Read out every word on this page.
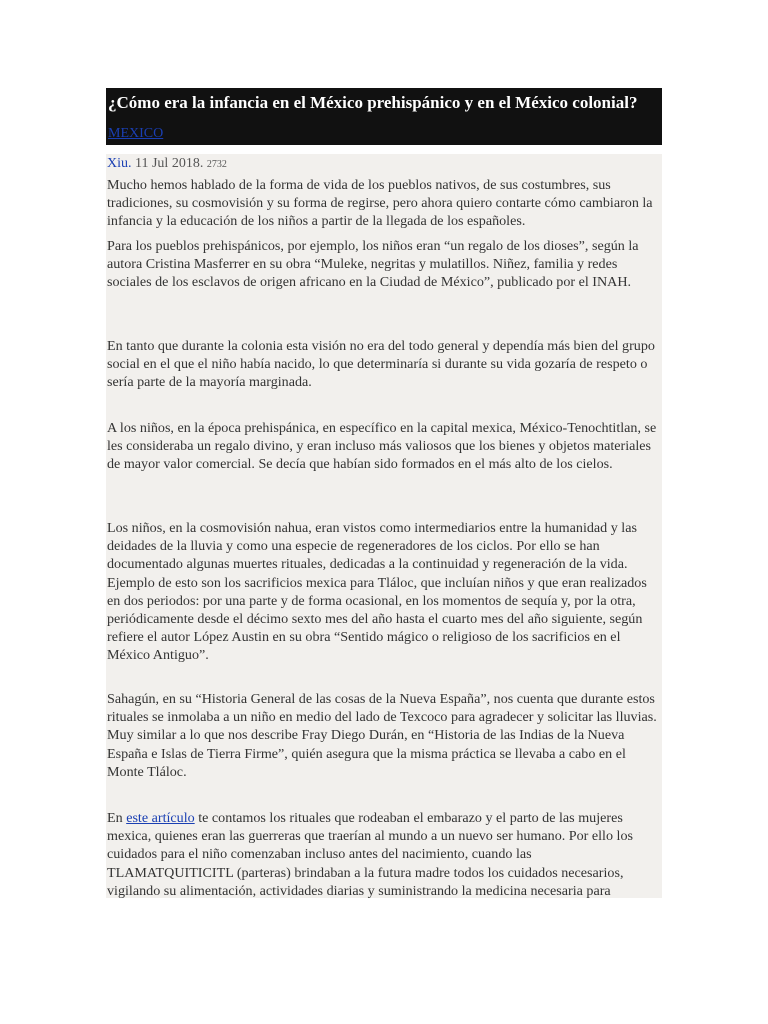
¿Cómo era la infancia en el México prehispánico y en el México colonial?
MEXICO
Xiu. 11 Jul 2018. 2732

Mucho hemos hablado de la forma de vida de los pueblos nativos, de sus costumbres, sus tradiciones, su cosmovisión y su forma de regirse, pero ahora quiero contarte cómo cambiaron la infancia y la educación de los niños a partir de la llegada de los españoles.

Para los pueblos prehispánicos, por ejemplo, los niños eran “un regalo de los dioses”, según la autora Cristina Masferrer en su obra “Muleke, negritas y mulatillos. Niñez, familia y redes sociales de los esclavos de origen africano en la Ciudad de México”, publicado por el INAH.

En tanto que durante la colonia esta visión no era del todo general y dependía más bien del grupo social en el que el niño había nacido, lo que determinaría si durante su vida gozaría de respeto o sería parte de la mayoría marginada.

A los niños, en la época prehispánica, en específico en la capital mexica, México-Tenochtitlan, se les consideraba un regalo divino, y eran incluso más valiosos que los bienes y objetos materiales de mayor valor comercial. Se decía que habían sido formados en el más alto de los cielos.

Los niños, en la cosmovisión nahua, eran vistos como intermediarios entre la humanidad y las deidades de la lluvia y como una especie de regeneradores de los ciclos. Por ello se han documentado algunas muertes rituales, dedicadas a la continuidad y regeneración de la vida. Ejemplo de esto son los sacrificios mexica para Tláloc, que incluían niños y que eran realizados en dos periodos: por una parte y de forma ocasional, en los momentos de sequía y, por la otra, periódicamente desde el décimo sexto mes del año hasta el cuarto mes del año siguiente, según refiere el autor López Austin en su obra “Sentido mágico o religioso de los sacrificios en el México Antiguo”.

Sahagún, en su “Historia General de las cosas de la Nueva España”, nos cuenta que durante estos rituales se inmolaba a un niño en medio del lado de Texcoco para agradecer y solicitar las lluvias. Muy similar a lo que nos describe Fray Diego Durán, en “Historia de las Indias de la Nueva España e Islas de Tierra Firme”, quién asegura que la misma práctica se llevaba a cabo en el Monte Tláloc.

En este artículo te contamos los rituales que rodeaban el embarazo y el parto de las mujeres mexica, quienes eran las guerreras que traerían al mundo a un nuevo ser humano. Por ello los cuidados para el niño comenzaban incluso antes del nacimiento, cuando las TLAMATQUITICITL (parteras) brindaban a la futura madre todos los cuidados necesarios, vigilando su alimentación, actividades diarias y suministrando la medicina necesaria para
